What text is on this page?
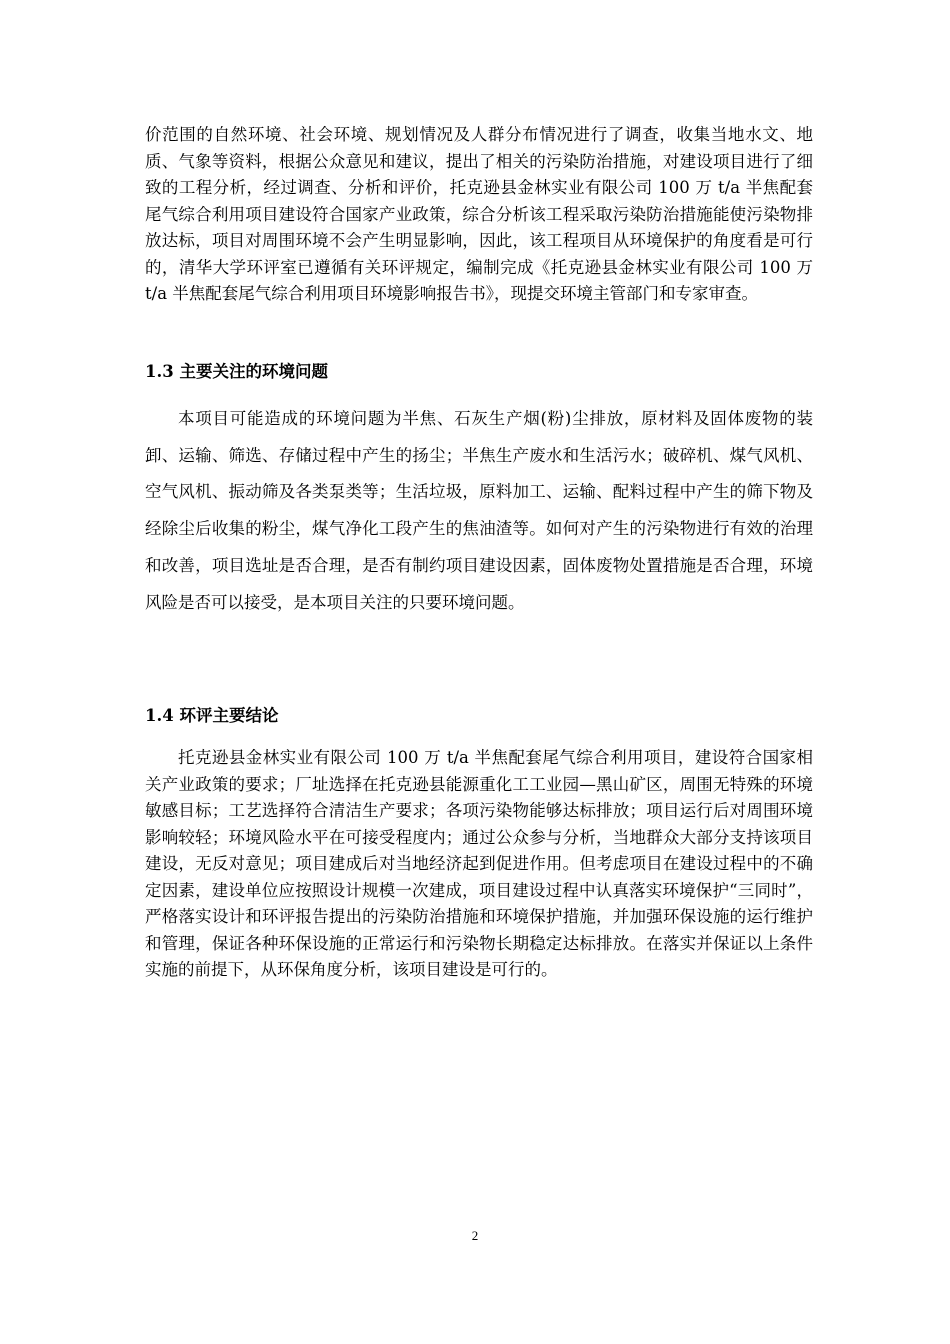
价范围的自然环境、社会环境、规划情况及人群分布情况进行了调查，收集当地水文、地质、气象等资料，根据公众意见和建议，提出了相关的污染防治措施，对建设项目进行了细致的工程分析，经过调查、分析和评价，托克逊县金林实业有限公司 100 万 t/a 半焦配套尾气综合利用项目建设符合国家产业政策，综合分析该工程采取污染防治措施能使污染物排放达标，项目对周围环境不会产生明显影响，因此，该工程项目从环境保护的角度看是可行的，清华大学环评室已遵循有关环评规定，编制完成《托克逊县金林实业有限公司 100 万 t/a 半焦配套尾气综合利用项目环境影响报告书》，现提交环境主管部门和专家审查。

1.3 主要关注的环境问题

本项目可能造成的环境问题为半焦、石灰生产烟(粉)尘排放，原材料及固体废物的装卸、运输、筛选、存储过程中产生的扬尘；半焦生产废水和生活污水；破碎机、煤气风机、空气风机、振动筛及各类泵类等；生活垃圾，原料加工、运输、配料过程中产生的筛下物及经除尘后收集的粉尘，煤气净化工段产生的焦油渣等。如何对产生的污染物进行有效的治理和改善，项目选址是否合理，是否有制约项目建设因素，固体废物处置措施是否合理，环境风险是否可以接受，是本项目关注的只要环境问题。

1.4 环评主要结论

托克逊县金林实业有限公司 100 万 t/a 半焦配套尾气综合利用项目，建设符合国家相关产业政策的要求；厂址选择在托克逊县能源重化工工业园—黑山矿区，周围无特殊的环境敏感目标；工艺选择符合清洁生产要求；各项污染物能够达标排放；项目运行后对周围环境影响较轻；环境风险水平在可接受程度内；通过公众参与分析，当地群众大部分支持该项目建设，无反对意见；项目建成后对当地经济起到促进作用。但考虑项目在建设过程中的不确定因素，建设单位应按照设计规模一次建成，项目建设过程中认真落实环境保护“三同时”，严格落实设计和环评报告提出的污染防治措施和环境保护措施，并加强环保设施的运行维护和管理，保证各种环保设施的正常运行和污染物长期稳定达标排放。在落实并保证以上条件实施的前提下，从环保角度分析，该项目建设是可行的。

2
